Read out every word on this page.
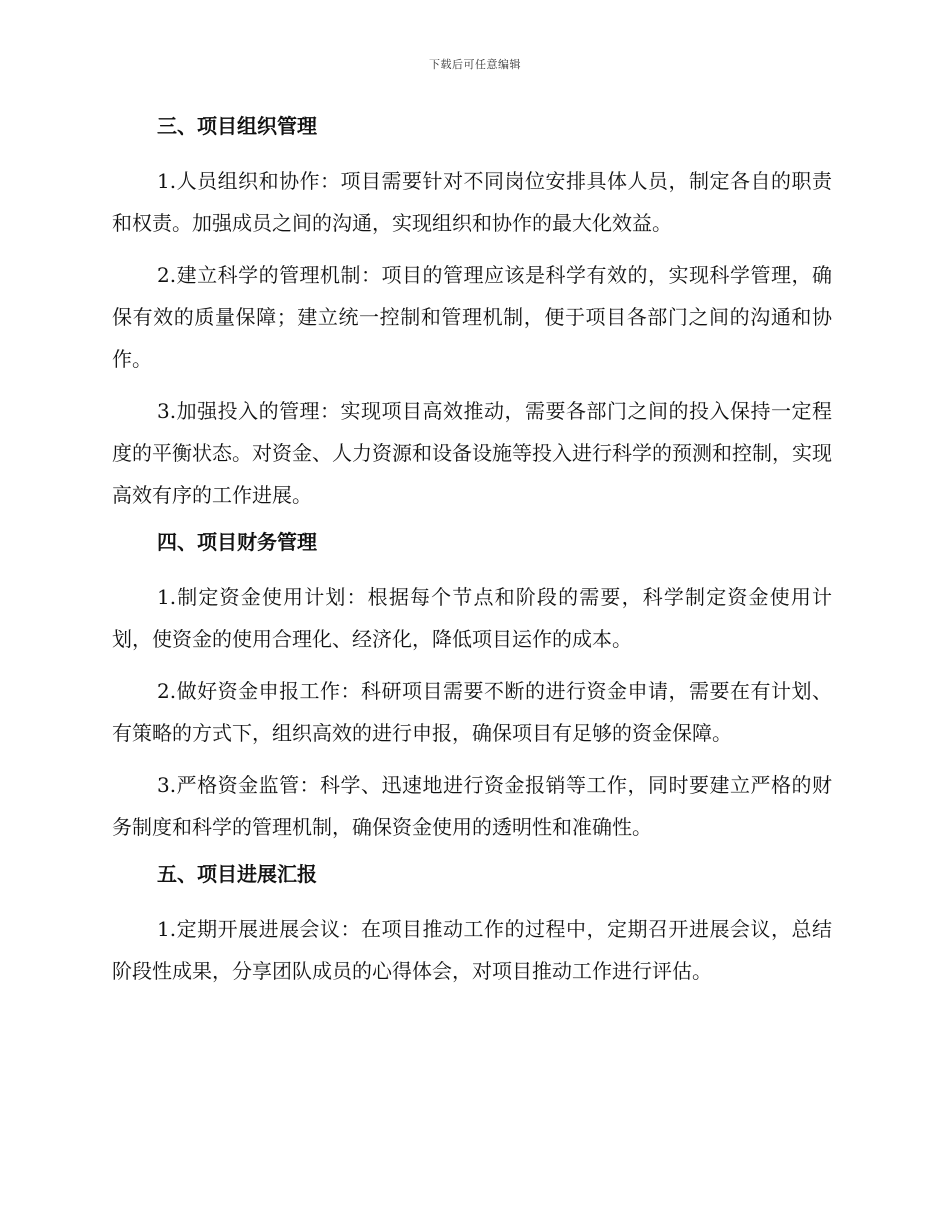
下载后可任意编辑
三、项目组织管理

1.人员组织和协作：项目需要针对不同岗位安排具体人员，制定各自的职责和权责。加强成员之间的沟通，实现组织和协作的最大化效益。

2.建立科学的管理机制：项目的管理应该是科学有效的，实现科学管理，确保有效的质量保障；建立统一控制和管理机制，便于项目各部门之间的沟通和协作。

3.加强投入的管理：实现项目高效推动，需要各部门之间的投入保持一定程度的平衡状态。对资金、人力资源和设备设施等投入进行科学的预测和控制，实现高效有序的工作进展。

四、项目财务管理

1.制定资金使用计划：根据每个节点和阶段的需要，科学制定资金使用计划，使资金的使用合理化、经济化，降低项目运作的成本。

2.做好资金申报工作：科研项目需要不断的进行资金申请，需要在有计划、有策略的方式下，组织高效的进行申报，确保项目有足够的资金保障。

3.严格资金监管：科学、迅速地进行资金报销等工作，同时要建立严格的财务制度和科学的管理机制，确保资金使用的透明性和准确性。

五、项目进展汇报

1.定期开展进展会议：在项目推动工作的过程中，定期召开进展会议，总结阶段性成果，分享团队成员的心得体会，对项目推动工作进行评估。
